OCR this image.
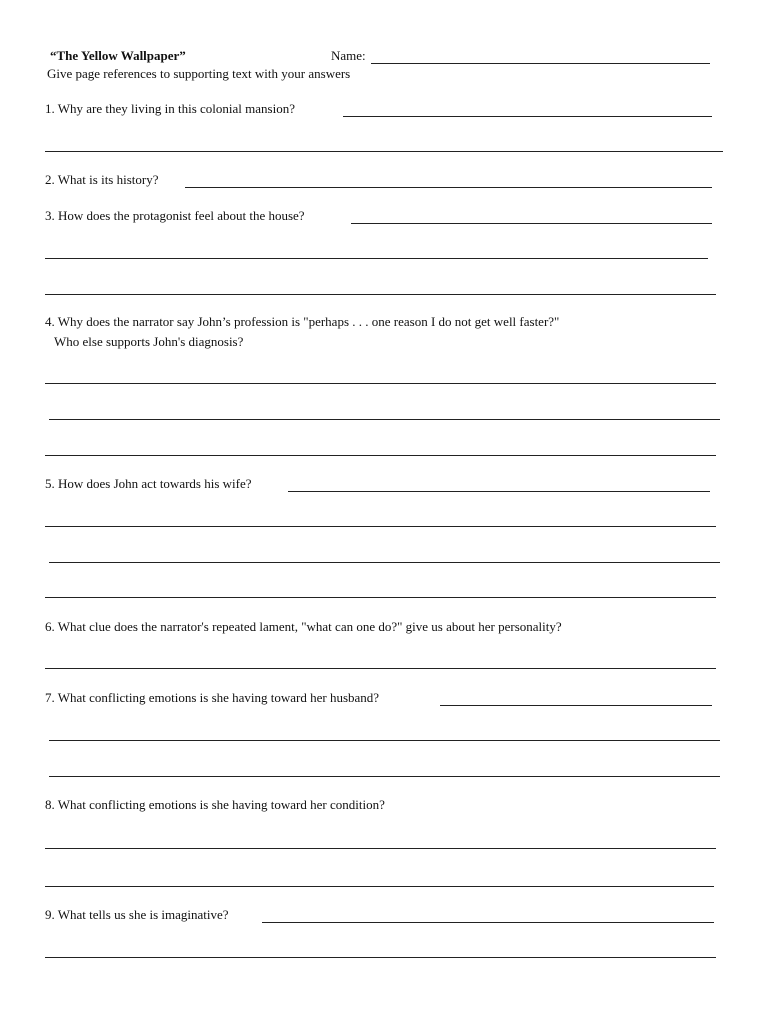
“The Yellow Wallpaper”	Name:
Give page references to supporting text with your answers
1. Why are they living in this colonial mansion?
2. What is its history?
3. How does the protagonist feel about the house?
4. Why does the narrator say John’s profession is "perhaps . . . one reason I do not get well faster?"
Who else supports John's diagnosis?
5. How does John act towards his wife?
6. What clue does the narrator's repeated lament, "what can one do?" give us about her personality?
7. What conflicting emotions is she having toward her husband?
8. What conflicting emotions is she having toward her condition?
9. What tells us she is imaginative?
